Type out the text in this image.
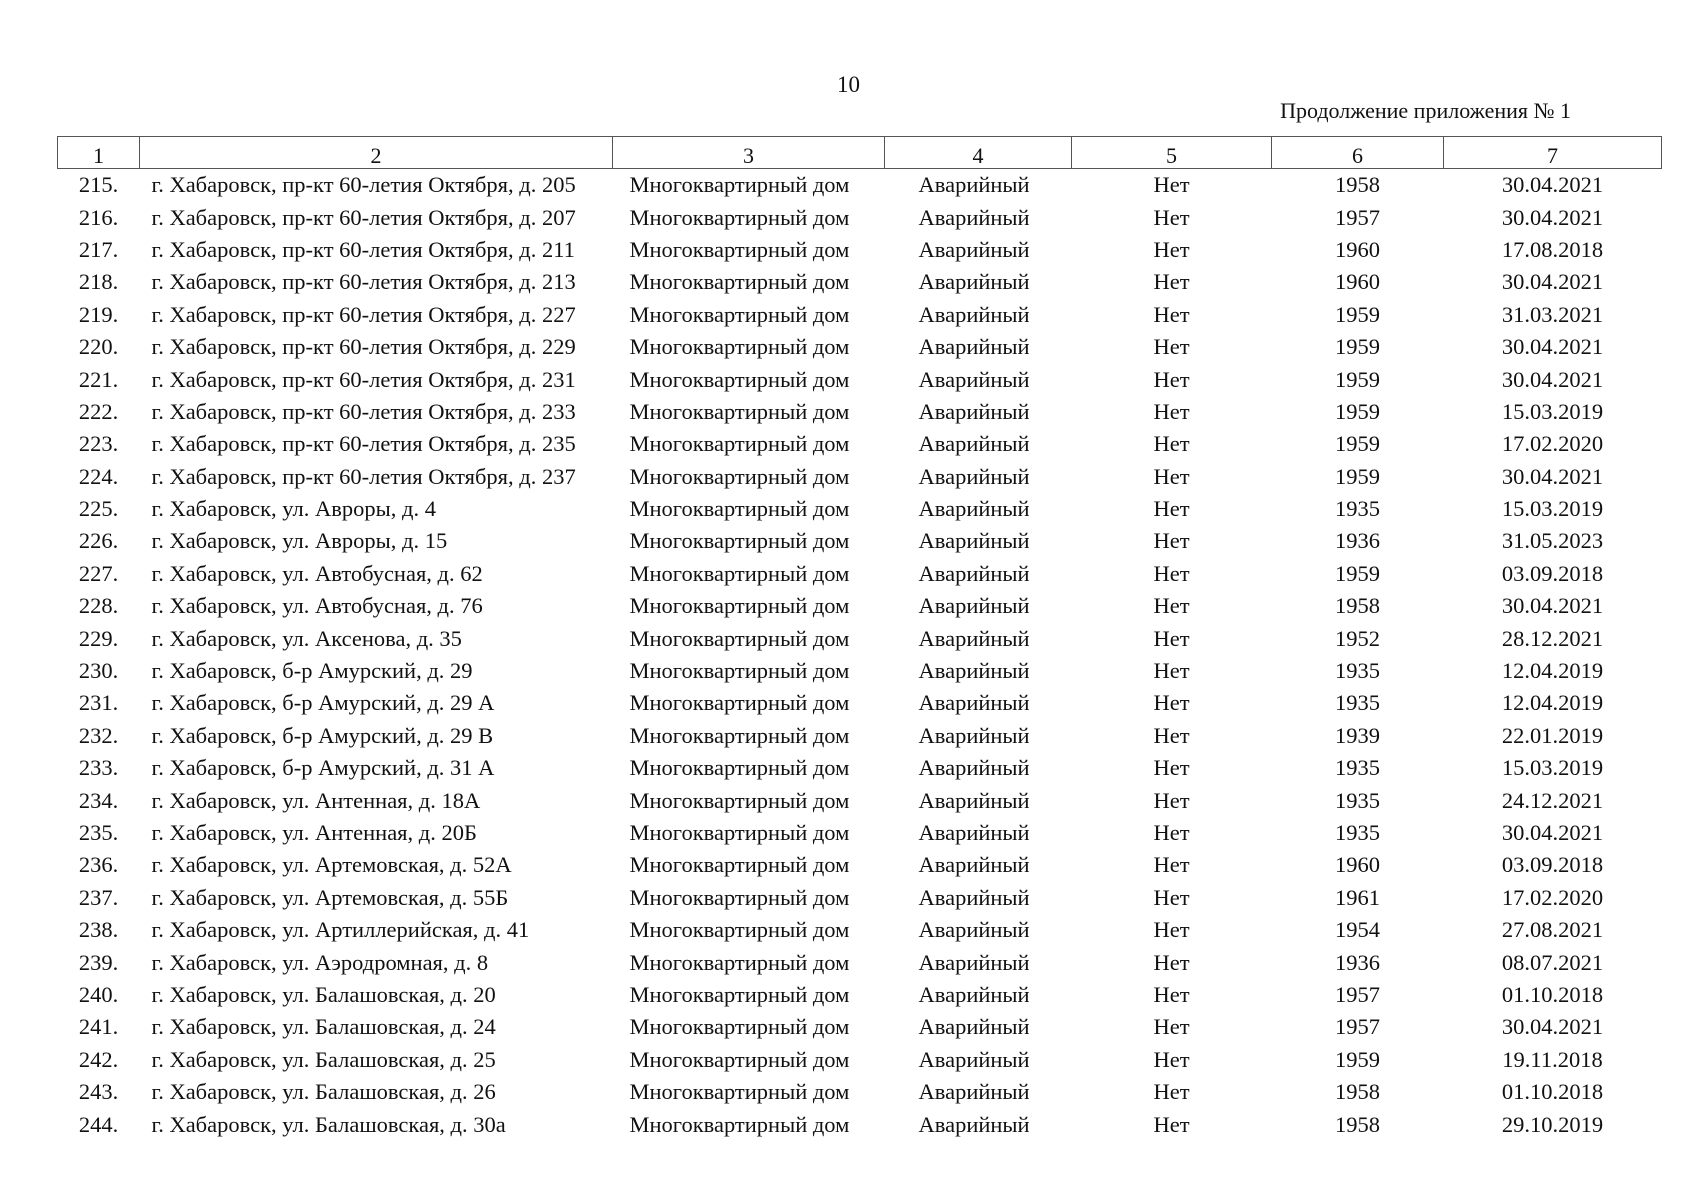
10
Продолжение приложения № 1
1	2	3	4	5	6	7
215.	г. Хабаровск, пр-кт 60-летия Октября, д. 205	Многоквартирный дом	Аварийный	Нет	1958	30.04.2021
216.	г. Хабаровск, пр-кт 60-летия Октября, д. 207	Многоквартирный дом	Аварийный	Нет	1957	30.04.2021
217.	г. Хабаровск, пр-кт 60-летия Октября, д. 211	Многоквартирный дом	Аварийный	Нет	1960	17.08.2018
218.	г. Хабаровск, пр-кт 60-летия Октября, д. 213	Многоквартирный дом	Аварийный	Нет	1960	30.04.2021
219.	г. Хабаровск, пр-кт 60-летия Октября, д. 227	Многоквартирный дом	Аварийный	Нет	1959	31.03.2021
220.	г. Хабаровск, пр-кт 60-летия Октября, д. 229	Многоквартирный дом	Аварийный	Нет	1959	30.04.2021
221.	г. Хабаровск, пр-кт 60-летия Октября, д. 231	Многоквартирный дом	Аварийный	Нет	1959	30.04.2021
222.	г. Хабаровск, пр-кт 60-летия Октября, д. 233	Многоквартирный дом	Аварийный	Нет	1959	15.03.2019
223.	г. Хабаровск, пр-кт 60-летия Октября, д. 235	Многоквартирный дом	Аварийный	Нет	1959	17.02.2020
224.	г. Хабаровск, пр-кт 60-летия Октября, д. 237	Многоквартирный дом	Аварийный	Нет	1959	30.04.2021
225.	г. Хабаровск, ул. Авроры, д. 4	Многоквартирный дом	Аварийный	Нет	1935	15.03.2019
226.	г. Хабаровск, ул. Авроры, д. 15	Многоквартирный дом	Аварийный	Нет	1936	31.05.2023
227.	г. Хабаровск, ул. Автобусная, д. 62	Многоквартирный дом	Аварийный	Нет	1959	03.09.2018
228.	г. Хабаровск, ул. Автобусная, д. 76	Многоквартирный дом	Аварийный	Нет	1958	30.04.2021
229.	г. Хабаровск, ул. Аксенова, д. 35	Многоквартирный дом	Аварийный	Нет	1952	28.12.2021
230.	г. Хабаровск, б-р Амурский, д. 29	Многоквартирный дом	Аварийный	Нет	1935	12.04.2019
231.	г. Хабаровск, б-р Амурский, д. 29 А	Многоквартирный дом	Аварийный	Нет	1935	12.04.2019
232.	г. Хабаровск, б-р Амурский, д. 29 В	Многоквартирный дом	Аварийный	Нет	1939	22.01.2019
233.	г. Хабаровск, б-р Амурский, д. 31 А	Многоквартирный дом	Аварийный	Нет	1935	15.03.2019
234.	г. Хабаровск, ул. Антенная, д. 18А	Многоквартирный дом	Аварийный	Нет	1935	24.12.2021
235.	г. Хабаровск, ул. Антенная, д. 20Б	Многоквартирный дом	Аварийный	Нет	1935	30.04.2021
236.	г. Хабаровск, ул. Артемовская, д. 52А	Многоквартирный дом	Аварийный	Нет	1960	03.09.2018
237.	г. Хабаровск, ул. Артемовская, д. 55Б	Многоквартирный дом	Аварийный	Нет	1961	17.02.2020
238.	г. Хабаровск, ул. Артиллерийская, д. 41	Многоквартирный дом	Аварийный	Нет	1954	27.08.2021
239.	г. Хабаровск, ул. Аэродромная, д. 8	Многоквартирный дом	Аварийный	Нет	1936	08.07.2021
240.	г. Хабаровск, ул. Балашовская, д. 20	Многоквартирный дом	Аварийный	Нет	1957	01.10.2018
241.	г. Хабаровск, ул. Балашовская, д. 24	Многоквартирный дом	Аварийный	Нет	1957	30.04.2021
242.	г. Хабаровск, ул. Балашовская, д. 25	Многоквартирный дом	Аварийный	Нет	1959	19.11.2018
243.	г. Хабаровск, ул. Балашовская, д. 26	Многоквартирный дом	Аварийный	Нет	1958	01.10.2018
244.	г. Хабаровск, ул. Балашовская, д. 30а	Многоквартирный дом	Аварийный	Нет	1958	29.10.2019
